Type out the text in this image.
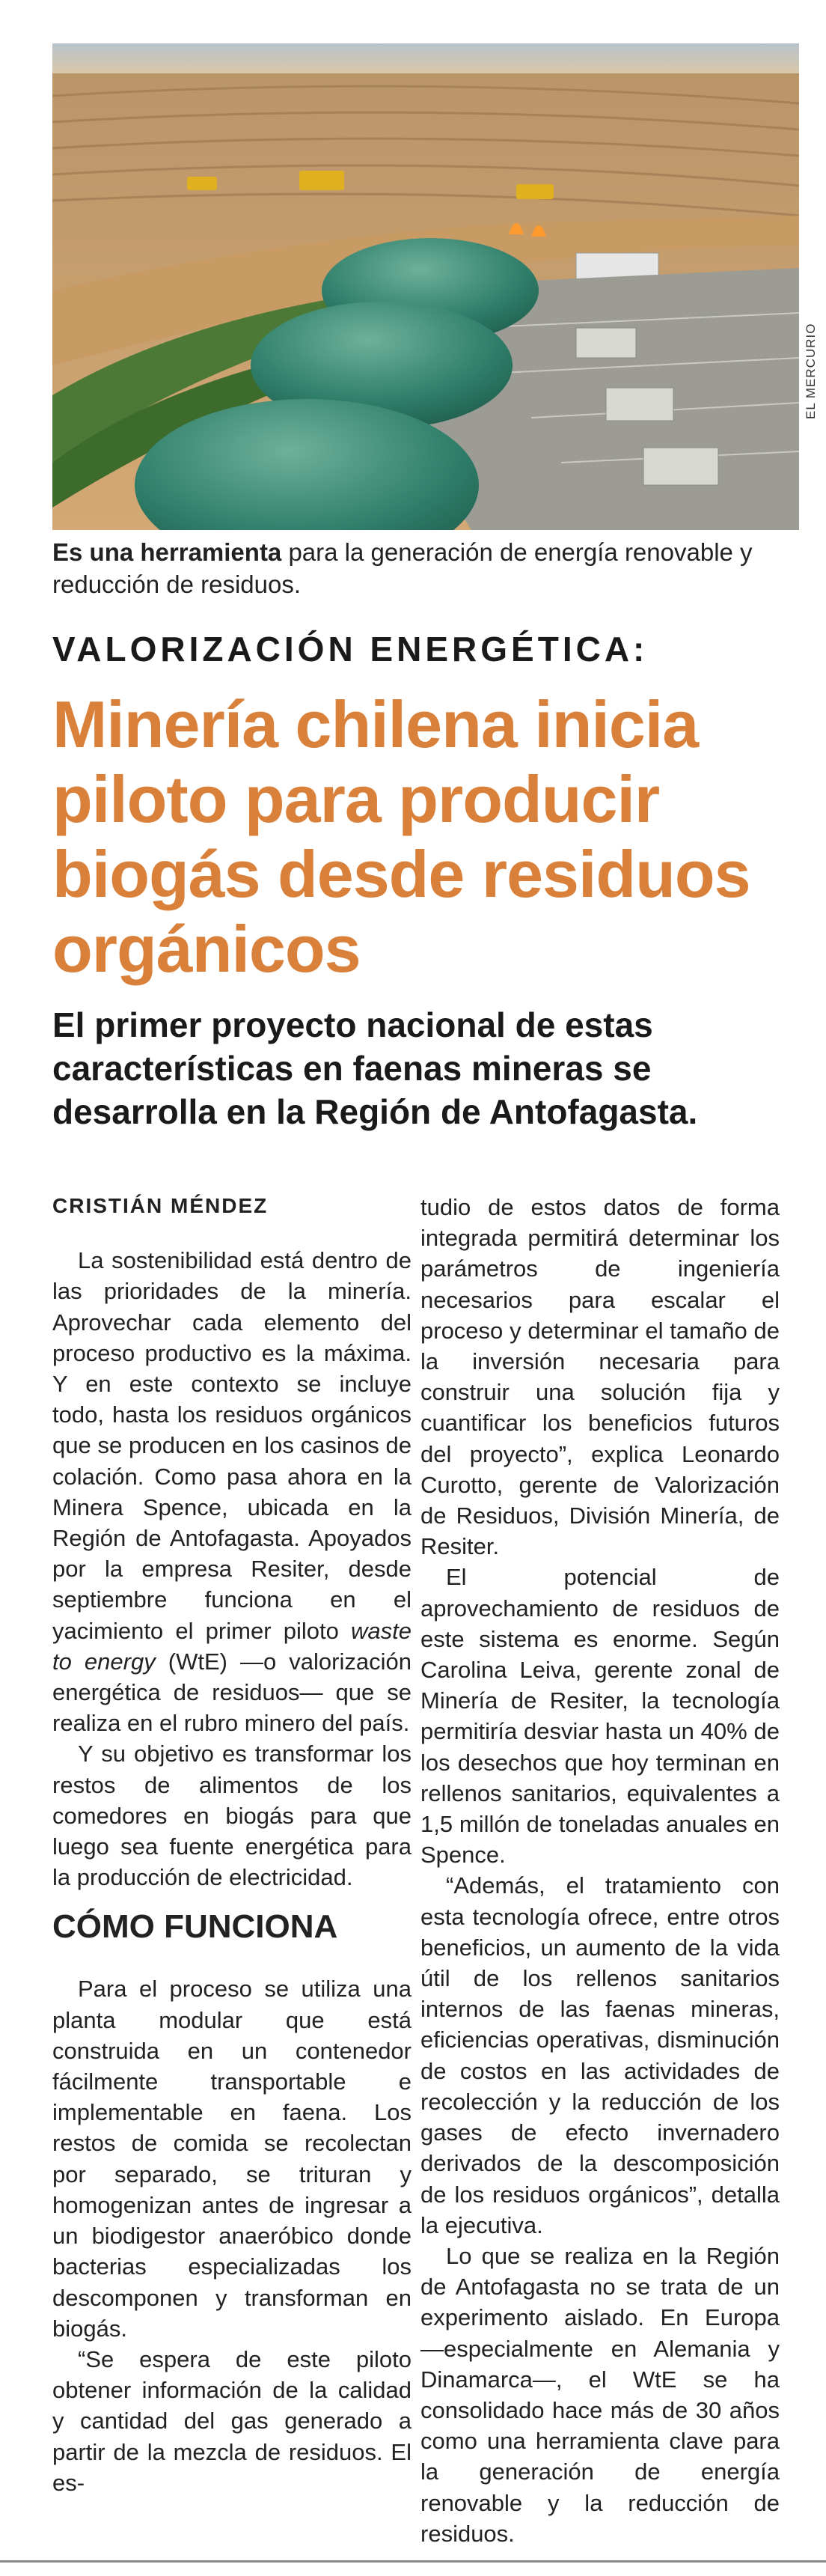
EL MERCURIO
Es una herramienta para la generación de energía renovable y reducción de residuos.
VALORIZACIÓN ENERGÉTICA:
Minería chilena inicia piloto para producir biogás desde residuos orgánicos
El primer proyecto nacional de estas características en faenas mineras se desarrolla en la Región de Antofagasta.
CRISTIÁN MÉNDEZ

La sostenibilidad está dentro de las prioridades de la minería. Aprovechar cada elemento del proceso productivo es la máxima. Y en este contexto se incluye todo, hasta los residuos orgánicos que se producen en los casinos de colación. Como pasa ahora en la Minera Spence, ubicada en la Región de Antofagasta. Apoyados por la empresa Resiter, desde septiembre funciona en el yacimiento el primer piloto waste to energy (WtE) —o valorización energética de residuos— que se realiza en el rubro minero del país.

Y su objetivo es transformar los restos de alimentos de los comedores en biogás para que luego sea fuente energética para la producción de electricidad.

CÓMO FUNCIONA

Para el proceso se utiliza una planta modular que está construida en un contenedor fácilmente transportable e implementable en faena. Los restos de comida se recolectan por separado, se trituran y homogenizan antes de ingresar a un biodigestor anaeróbico donde bacterias especializadas los descomponen y transforman en biogás.

“Se espera de este piloto obtener información de la calidad y cantidad del gas generado a partir de la mezcla de residuos. El es-

tudio de estos datos de forma integrada permitirá determinar los parámetros de ingeniería necesarios para escalar el proceso y determinar el tamaño de la inversión necesaria para construir una solución fija y cuantificar los beneficios futuros del proyecto”, explica Leonardo Curotto, gerente de Valorización de Residuos, División Minería, de Resiter.

El potencial de aprovechamiento de residuos de este sistema es enorme. Según Carolina Leiva, gerente zonal de Minería de Resiter, la tecnología permitiría desviar hasta un 40% de los desechos que hoy terminan en rellenos sanitarios, equivalentes a 1,5 millón de toneladas anuales en Spence.

“Además, el tratamiento con esta tecnología ofrece, entre otros beneficios, un aumento de la vida útil de los rellenos sanitarios internos de las faenas mineras, eficiencias operativas, disminución de costos en las actividades de recolección y la reducción de los gases de efecto invernadero derivados de la descomposición de los residuos orgánicos”, detalla la ejecutiva.

Lo que se realiza en la Región de Antofagasta no se trata de un experimento aislado. En Europa —especialmente en Alemania y Dinamarca—, el WtE se ha consolidado hace más de 30 años como una herramienta clave para la generación de energía renovable y la reducción de residuos.
